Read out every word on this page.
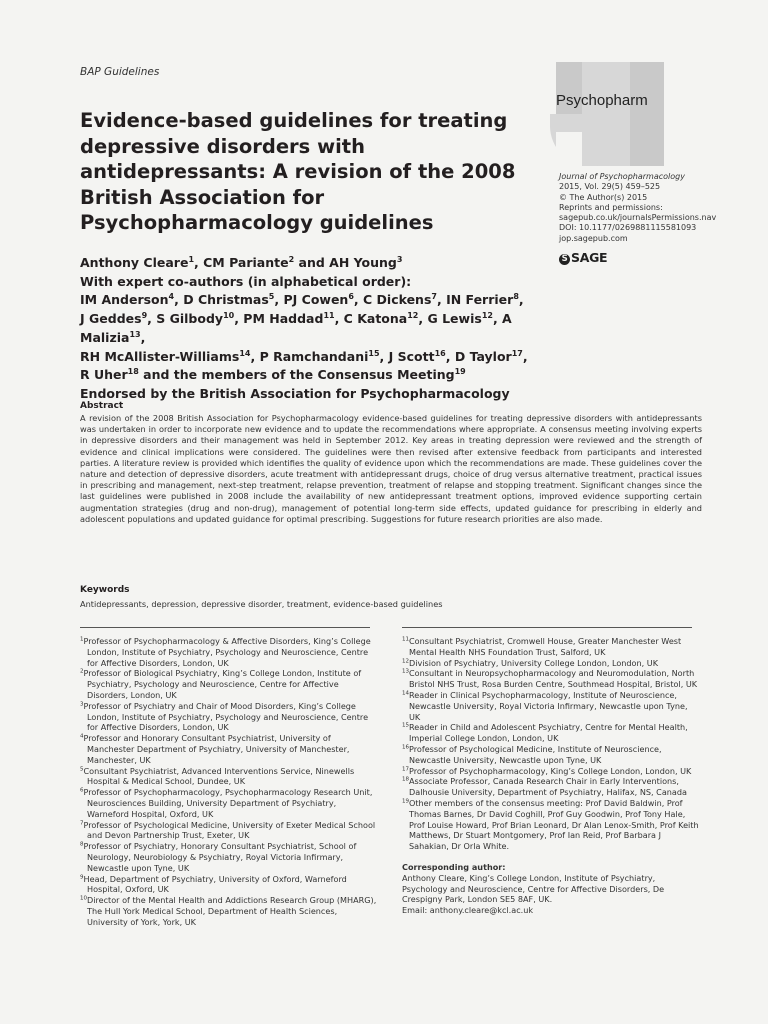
BAP Guidelines
Psychopharm
Evidence-based guidelines for treating depressive disorders with antidepressants: A revision of the 2008 British Association for Psychopharmacology guidelines
Journal of Psychopharmacology
2015, Vol. 29(5) 459–525
© The Author(s) 2015
Reprints and permissions:
sagepub.co.uk/journalsPermissions.nav
DOI: 10.1177/0269881115581093
jop.sagepub.com
S SAGE
Anthony Cleare$^1$, CM Pariante$^2$ and AH Young$^3$
With expert co-authors (in alphabetical order):
IM Anderson$^4$, D Christmas$^5$, PJ Cowen$^6$, C Dickens$^7$, IN Ferrier$^8$,
J Geddes$^9$, S Gilbody$^{10}$, PM Haddad$^{11}$, C Katona$^{12}$, G Lewis$^{12}$, A Malizia$^{13}$,
RH McAllister-Williams$^{14}$, P Ramchandani$^{15}$, J Scott$^{16}$, D Taylor$^{17}$,
R Uher$^{18}$ and the members of the Consensus Meeting$^{19}$
Endorsed by the British Association for Psychopharmacology
Abstract
A revision of the 2008 British Association for Psychopharmacology evidence-based guidelines for treating depressive disorders with antidepressants was undertaken in order to incorporate new evidence and to update the recommendations where appropriate. A consensus meeting involving experts in depressive disorders and their management was held in September 2012. Key areas in treating depression were reviewed and the strength of evidence and clinical implications were considered. The guidelines were then revised after extensive feedback from participants and interested parties. A literature review is provided which identifies the quality of evidence upon which the recommendations are made. These guidelines cover the nature and detection of depressive disorders, acute treatment with antidepressant drugs, choice of drug versus alternative treatment, practical issues in prescribing and management, next-step treatment, relapse prevention, treatment of relapse and stopping treatment. Significant changes since the last guidelines were published in 2008 include the availability of new antidepressant treatment options, improved evidence supporting certain augmentation strategies (drug and non-drug), management of potential long-term side effects, updated guidance for prescribing in elderly and adolescent populations and updated guidance for optimal prescribing. Suggestions for future research priorities are also made.
Keywords
Antidepressants, depression, depressive disorder, treatment, evidence-based guidelines
$^1$Professor of Psychopharmacology & Affective Disorders, King’s College London, Institute of Psychiatry, Psychology and Neuroscience, Centre for Affective Disorders, London, UK
$^2$Professor of Biological Psychiatry, King’s College London, Institute of Psychiatry, Psychology and Neuroscience, Centre for Affective Disorders, London, UK
$^3$Professor of Psychiatry and Chair of Mood Disorders, King’s College London, Institute of Psychiatry, Psychology and Neuroscience, Centre for Affective Disorders, London, UK
$^4$Professor and Honorary Consultant Psychiatrist, University of Manchester Department of Psychiatry, University of Manchester, Manchester, UK
$^5$Consultant Psychiatrist, Advanced Interventions Service, Ninewells Hospital & Medical School, Dundee, UK
$^6$Professor of Psychopharmacology, Psychopharmacology Research Unit, Neurosciences Building, University Department of Psychiatry, Warneford Hospital, Oxford, UK
$^7$Professor of Psychological Medicine, University of Exeter Medical School and Devon Partnership Trust, Exeter, UK
$^8$Professor of Psychiatry, Honorary Consultant Psychiatrist, School of Neurology, Neurobiology & Psychiatry, Royal Victoria Infirmary, Newcastle upon Tyne, UK
$^9$Head, Department of Psychiatry, University of Oxford, Warneford Hospital, Oxford, UK
$^{10}$Director of the Mental Health and Addictions Research Group (MHARG), The Hull York Medical School, Department of Health Sciences, University of York, York, UK
$^{11}$Consultant Psychiatrist, Cromwell House, Greater Manchester West Mental Health NHS Foundation Trust, Salford, UK
$^{12}$Division of Psychiatry, University College London, London, UK
$^{13}$Consultant in Neuropsychopharmacology and Neuromodulation, North Bristol NHS Trust, Rosa Burden Centre, Southmead Hospital, Bristol, UK
$^{14}$Reader in Clinical Psychopharmacology, Institute of Neuroscience, Newcastle University, Royal Victoria Infirmary, Newcastle upon Tyne, UK
$^{15}$Reader in Child and Adolescent Psychiatry, Centre for Mental Health, Imperial College London, London, UK
$^{16}$Professor of Psychological Medicine, Institute of Neuroscience, Newcastle University, Newcastle upon Tyne, UK
$^{17}$Professor of Psychopharmacology, King’s College London, London, UK
$^{18}$Associate Professor, Canada Research Chair in Early Interventions, Dalhousie University, Department of Psychiatry, Halifax, NS, Canada
$^{19}$Other members of the consensus meeting: Prof David Baldwin, Prof Thomas Barnes, Dr David Coghill, Prof Guy Goodwin, Prof Tony Hale, Prof Louise Howard, Prof Brian Leonard, Dr Alan Lenox-Smith, Prof Keith Matthews, Dr Stuart Montgomery, Prof Ian Reid, Prof Barbara J Sahakian, Dr Orla White.
Corresponding author:
Anthony Cleare, King’s College London, Institute of Psychiatry, Psychology and Neuroscience, Centre for Affective Disorders, De Crespigny Park, London SE5 8AF, UK.
Email: anthony.cleare@kcl.ac.uk
